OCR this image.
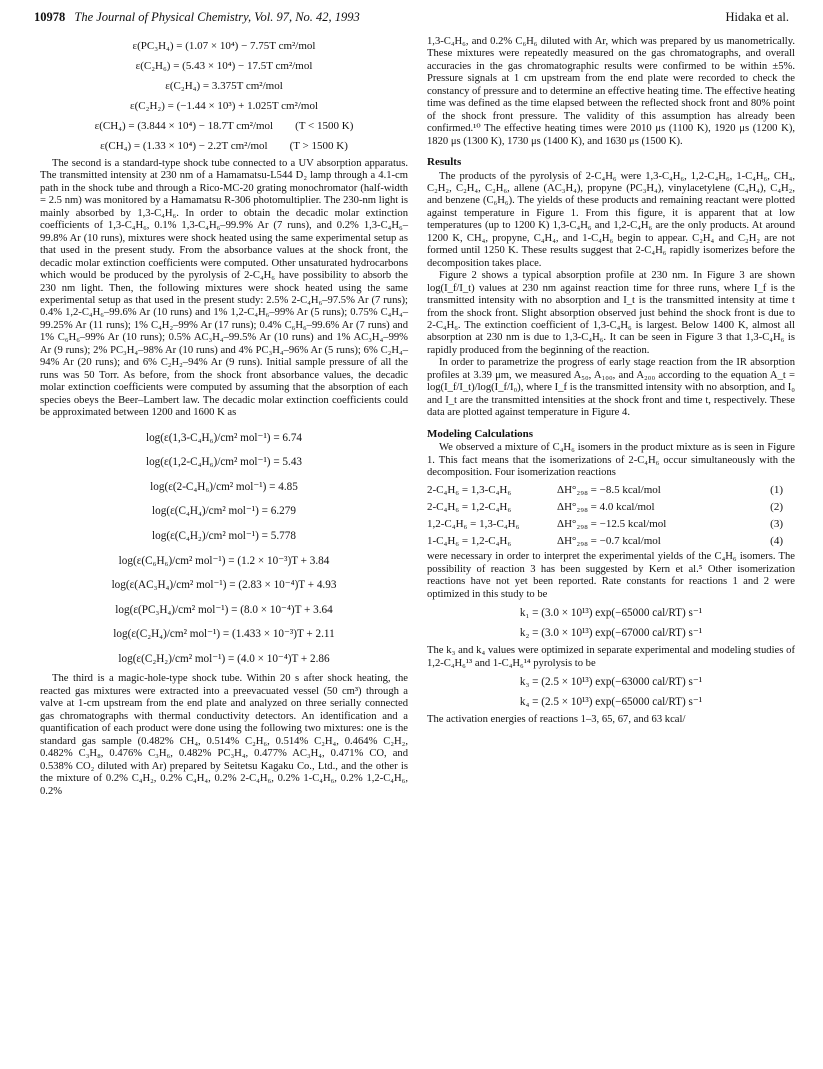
10978 The Journal of Physical Chemistry, Vol. 97, No. 42, 1993	Hidaka et al.
ε(PC₃H₄) = (1.07 × 10⁴) − 7.75T cm²/mol
ε(C₂H₆) = (5.43 × 10⁴) − 17.5T cm²/mol
ε(C₂H₄) = 3.375T cm²/mol
ε(C₂H₂) = (−1.44 × 10³) + 1.025T cm²/mol
ε(CH₄) = (3.844 × 10⁴) − 18.7T cm²/mol (T < 1500 K)
ε(CH₄) = (1.33 × 10⁴) − 2.2T cm²/mol (T > 1500 K)

The second is a standard-type shock tube connected to a UV absorption apparatus. The transmitted intensity at 230 nm of a Hamamatsu-L544 D₂ lamp through a 4.1-cm path in the shock tube and through a Rico-MC-20 grating monochromator (half-width = 2.5 nm) was monitored by a Hamamatsu R-306 photomultiplier. The 230-nm light is mainly absorbed by 1,3-C₄H₆. In order to obtain the decadic molar extinction coefficients of 1,3-C₄H₆, 0.1% 1,3-C₄H₆–99.9% Ar (7 runs), and 0.2% 1,3-C₄H₆–99.8% Ar (10 runs), mixtures were shock heated using the same experimental setup as that used in the present study. From the absorbance values at the shock front, the decadic molar extinction coefficients were computed. Other unsaturated hydrocarbons which would be produced by the pyrolysis of 2-C₄H₆ have possibility to absorb the 230 nm light. Then, the following mixtures were shock heated using the same experimental setup as that used in the present study: 2.5% 2-C₄H₆–97.5% Ar (7 runs); 0.4% 1,2-C₄H₆–99.6% Ar (10 runs) and 1% 1,2-C₄H₆–99% Ar (5 runs); 0.75% C₄H₄–99.25% Ar (11 runs); 1% C₄H₂–99% Ar (17 runs); 0.4% C₆H₆–99.6% Ar (7 runs) and 1% C₆H₆–99% Ar (10 runs); 0.5% AC₃H₄–99.5% Ar (10 runs) and 1% AC₃H₄–99% Ar (9 runs); 2% PC₃H₄–98% Ar (10 runs) and 4% PC₃H₄–96% Ar (5 runs); 6% C₂H₄–94% Ar (20 runs); and 6% C₂H₂–94% Ar (9 runs). Initial sample pressure of all the runs was 50 Torr. As before, from the shock front absorbance values, the decadic molar extinction coefficients were computed by assuming that the absorption of each species obeys the Beer–Lambert law. The decadic molar extinction coefficients could be approximated between 1200 and 1600 K as

log(ε(1,3-C₄H₆)/cm² mol⁻¹) = 6.74
log(ε(1,2-C₄H₆)/cm² mol⁻¹) = 5.43
log(ε(2-C₄H₆)/cm² mol⁻¹) = 4.85
log(ε(C₄H₄)/cm² mol⁻¹) = 6.279
log(ε(C₄H₂)/cm² mol⁻¹) = 5.778
log(ε(C₆H₆)/cm² mol⁻¹) = (1.2 × 10⁻³)T + 3.84
log(ε(AC₃H₄)/cm² mol⁻¹) = (2.83 × 10⁻⁴)T + 4.93
log(ε(PC₃H₄)/cm² mol⁻¹) = (8.0 × 10⁻⁴)T + 3.64
log(ε(C₂H₄)/cm² mol⁻¹) = (1.433 × 10⁻³)T + 2.11
log(ε(C₂H₂)/cm² mol⁻¹) = (4.0 × 10⁻⁴)T + 2.86

The third is a magic-hole-type shock tube. Within 20 s after shock heating, the reacted gas mixtures were extracted into a preevacuated vessel (50 cm³) through a valve at 1-cm upstream from the end plate and analyzed on three serially connected gas chromatographs with thermal conductivity detectors. An identification and a quantification of each product were done using the following two mixtures: one is the standard gas sample (0.482% CH₄, 0.514% C₂H₆, 0.514% C₂H₄, 0.464% C₂H₂, 0.482% C₃H₈, 0.476% C₃H₆, 0.482% PC₃H₄, 0.477% AC₃H₄, 0.471% CO, and 0.538% CO₂ diluted with Ar) prepared by Seitetsu Kagaku Co., Ltd., and the other is the mixture of 0.2% C₄H₂, 0.2% C₄H₄, 0.2% 2-C₄H₆, 0.2% 1-C₄H₆, 0.2% 1,2-C₄H₆, 0.2%

1,3-C₄H₆, and 0.2% C₆H₆ diluted with Ar, which was prepared by us manometrically. These mixtures were repeatedly measured on the gas chromatographs, and overall accuracies in the gas chromatographic results were confirmed to be within ±5%. Pressure signals at 1 cm upstream from the end plate were recorded to check the constancy of pressure and to determine an effective heating time. The effective heating time was defined as the time elapsed between the reflected shock front and 80% point of the shock front pressure. The validity of this assumption has already been confirmed.¹⁰ The effective heating times were 2010 μs (1100 K), 1920 μs (1200 K), 1820 μs (1300 K), 1730 μs (1400 K), and 1630 μs (1500 K).

Results

The products of the pyrolysis of 2-C₄H₆ were 1,3-C₄H₆, 1,2-C₄H₆, 1-C₄H₆, CH₄, C₂H₂, C₂H₄, C₂H₆, allene (AC₃H₄), propyne (PC₃H₄), vinylacetylene (C₄H₄), C₄H₂, and benzene (C₆H₆). The yields of these products and remaining reactant were plotted against temperature in Figure 1. From this figure, it is apparent that at low temperatures (up to 1200 K) 1,3-C₄H₆ and 1,2-C₄H₆ are the only products. At around 1200 K, CH₄, propyne, C₄H₄, and 1-C₄H₆ begin to appear. C₂H₄ and C₂H₂ are not formed until 1250 K. These results suggest that 2-C₄H₆ rapidly isomerizes before the decomposition takes place.

Figure 2 shows a typical absorption profile at 230 nm. In Figure 3 are shown log(I_f/I_t) values at 230 nm against reaction time for three runs, where I_f is the transmitted intensity with no absorption and I_t is the transmitted intensity at time t from the shock front. Slight absorption observed just behind the shock front is due to 2-C₄H₆. The extinction coefficient of 1,3-C₄H₆ is largest. Below 1400 K, almost all absorption at 230 nm is due to 1,3-C₄H₆. It can be seen in Figure 3 that 1,3-C₄H₆ is rapidly produced from the beginning of the reaction.

In order to parametrize the progress of early stage reaction from the IR absorption profiles at 3.39 μm, we measured A₅₀, A₁₀₀, and A₂₀₀ according to the equation A_t = log(I_f/I_t)/log(I_f/I₀), where I_f is the transmitted intensity with no absorption, and I₀ and I_t are the transmitted intensities at the shock front and time t, respectively. These data are plotted against temperature in Figure 4.

Modeling Calculations

We observed a mixture of C₄H₆ isomers in the product mixture as is seen in Figure 1. This fact means that the isomerizations of 2-C₄H₆ occur simultaneously with the decomposition. Four isomerization reactions

2-C₄H₆ = 1,3-C₄H₆	ΔH°₂₉₈ = −8.5 kcal/mol	(1)
2-C₄H₆ = 1,2-C₄H₆	ΔH°₂₉₈ = 4.0 kcal/mol	(2)
1,2-C₄H₆ = 1,3-C₄H₆	ΔH°₂₉₈ = −12.5 kcal/mol	(3)
1-C₄H₆ = 1,2-C₄H₆	ΔH°₂₉₈ = −0.7 kcal/mol	(4)

were necessary in order to interpret the experimental yields of the C₄H₆ isomers. The possibility of reaction 3 has been suggested by Kern et al.⁵ Other isomerization reactions have not yet been reported. Rate constants for reactions 1 and 2 were optimized in this study to be

k₁ = (3.0 × 10¹³) exp(−65000 cal/RT) s⁻¹
k₂ = (3.0 × 10¹³) exp(−67000 cal/RT) s⁻¹

The k₃ and k₄ values were optimized in separate experimental and modeling studies of 1,2-C₄H₆¹³ and 1-C₄H₆¹⁴ pyrolysis to be

k₃ = (2.5 × 10¹³) exp(−63000 cal/RT) s⁻¹
k₄ = (2.5 × 10¹³) exp(−65000 cal/RT) s⁻¹

The activation energies of reactions 1–3, 65, 67, and 63 kcal/
